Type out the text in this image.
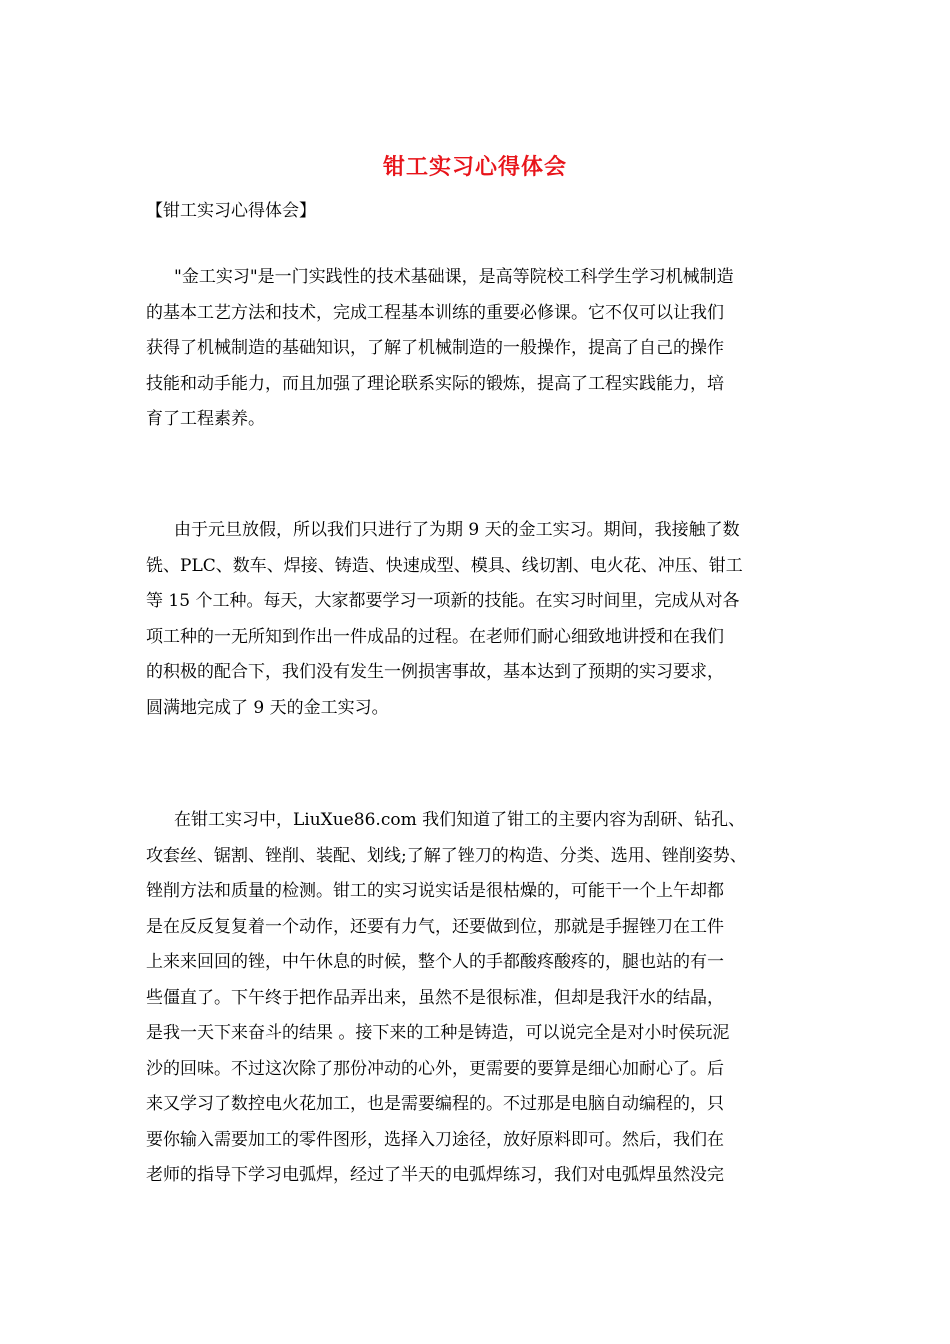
钳工实习心得体会
【钳工实习心得体会】
"金工实习"是一门实践性的技术基础课，是高等院校工科学生学习机械制造
的基本工艺方法和技术，完成工程基本训练的重要必修课。它不仅可以让我们
获得了机械制造的基础知识，了解了机械制造的一般操作，提高了自己的操作
技能和动手能力，而且加强了理论联系实际的锻炼，提高了工程实践能力，培
育了工程素养。
由于元旦放假，所以我们只进行了为期 9 天的金工实习。期间，我接触了数
铣、PLC、数车、焊接、铸造、快速成型、模具、线切割、电火花、冲压、钳工
等 15 个工种。每天，大家都要学习一项新的技能。在实习时间里，完成从对各
项工种的一无所知到作出一件成品的过程。在老师们耐心细致地讲授和在我们
的积极的配合下，我们没有发生一例损害事故，基本达到了预期的实习要求，
圆满地完成了 9 天的金工实习。
在钳工实习中，LiuXue86.com 我们知道了钳工的主要内容为刮研、钻孔、
攻套丝、锯割、锉削、装配、划线;了解了锉刀的构造、分类、选用、锉削姿势、
锉削方法和质量的检测。钳工的实习说实话是很枯燥的，可能干一个上午却都
是在反反复复着一个动作，还要有力气，还要做到位，那就是手握锉刀在工件
上来来回回的锉，中午休息的时候，整个人的手都酸疼酸疼的，腿也站的有一
些僵直了。下午终于把作品弄出来，虽然不是很标准，但却是我汗水的结晶，
是我一天下来奋斗的结果 。接下来的工种是铸造，可以说完全是对小时侯玩泥
沙的回味。不过这次除了那份冲动的心外，更需要的要算是细心加耐心了。后
来又学习了数控电火花加工，也是需要编程的。不过那是电脑自动编程的，只
要你输入需要加工的零件图形，选择入刀途径，放好原料即可。然后，我们在
老师的指导下学习电弧焊，经过了半天的电弧焊练习，我们对电弧焊虽然没完
